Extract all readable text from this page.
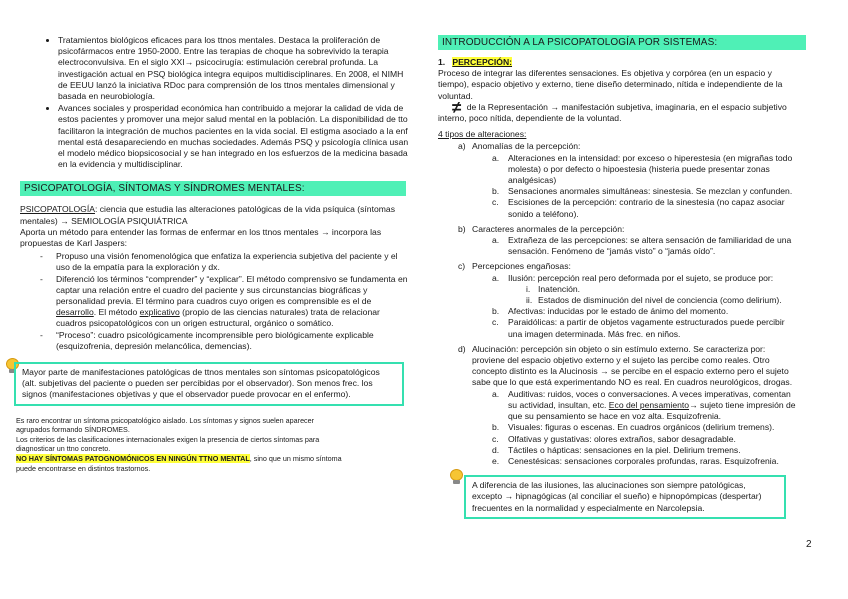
• Tratamientos biológicos eficaces para los ttnos mentales. Destaca la proliferación de psicofármacos entre 1950-2000. Entre las terapias de choque ha sobrevivido la terapia electroconvulsiva. En el siglo XXI→ psicocirugía: estimulación cerebral profunda. La investigación actual en PSQ biológica integra equipos multidisciplinares. En 2008, el NIMH de EEUU lanzó la iniciativa RDoc para comprensión de los ttnos mentales dimensional y basada en neurobiología.
• Avances sociales y prosperidad económica han contribuido a mejorar la calidad de vida de estos pacientes y promover una mejor salud mental en la población. La disponibilidad de tto facilitaron la integración de muchos pacientes en la vida social. El estigma asociado a la enf mental está desapareciendo en muchas sociedades. Además PSQ y psicología clínica usan el modelo médico biopsicosocial y se han integrado en los esfuerzos de la medicina basada en la evidencia y multidisciplinar.
PSICOPATOLOGÍA, SÍNTOMAS Y SÍNDROMES MENTALES:

PSICOPATOLOGÍA: ciencia que estudia las alteraciones patológicas de la vida psíquica (síntomas mentales) → SEMIOLOGÍA PSIQUIÁTRICA

Aporta un método para entender las formas de enfermar en los ttnos mentales → incorpora las propuestas de Karl Jaspers:

- Propuso una visión fenomenológica que enfatiza la experiencia subjetiva del paciente y el uso de la empatía para la exploración y dx.
- Diferenció los términos “comprender” y “explicar”. El método comprensivo se fundamenta en captar una relación entre el cuadro del paciente y sus circunstancias biográficas y personalidad previa. El término para cuadros cuyo origen es comprensible es el de desarrollo. El método explicativo (propio de las ciencias naturales) trata de relacionar cuadros psicopatológicos con un origen estructural, orgánico o somático.
- “Proceso”: cuadro psicológicamente incomprensible pero biológicamente explicable (esquizofrenia, depresión melancólica, demencias).
Mayor parte de manifestaciones patológicas de ttnos mentales son síntomas psicopatológicos (alt. subjetivas del paciente o pueden ser percibidas por el observador). Son menos frec. los signos (manifestaciones objetivas y que el observador puede provocar en el enfermo).

Es raro encontrar un síntoma psicopatológico aislado. Los síntomas y signos suelen aparecer agrupados formando SÍNDROMES.

Los criterios de las clasificaciones internacionales exigen la presencia de ciertos síntomas para diagnosticar un ttno concreto.

NO HAY SÍNTOMAS PATOGNOMÓNICOS EN NINGÚN TTNO MENTAL, sino que un mismo síntoma puede encontrarse en distintos trastornos.

INTRODUCCIÓN A LA PSICOPATOLOGÍA POR SISTEMAS:

1. PERCEPCIÓN:

Proceso de integrar las diferentes sensaciones. Es objetiva y corpórea (en un espacio y tiempo), espacio objetivo y externo, tiene diseño determinado, nítida e independiente de la voluntad.

≠ de la Representación → manifestación subjetiva, imaginaria, en el espacio subjetivo interno, poco nítida, dependiente de la voluntad.

4 tipos de alteraciones:

a) Anomalías de la percepción:
a. Alteraciones en la intensidad: por exceso o hiperestesia (en migrañas todo molesta) o por defecto o hipoestesia (histeria puede presentar zonas analgésicas)
b. Sensaciones anormales simultáneas: sinestesia. Se mezclan y confunden.
c. Escisiones de la percepción: contrario de la sinestesia (no capaz asociar sonido a teléfono).
b) Caracteres anormales de la percepción:
a. Extrañeza de las percepciones: se altera sensación de familiaridad de una sensación. Fenómeno de “jamás visto” o “jamás oído”.
c) Percepciones engañosas:
a. Ilusión: percepción real pero deformada por el sujeto, se produce por:
i. Inatención.
ii. Estados de disminución del nivel de conciencia (como delirium).
b. Afectivas: inducidas por le estado de ánimo del momento.
c. Paraidólicas: a partir de objetos vagamente estructurados puede percibir una imagen determinada. Más frec. en niños.
d) Alucinación: percepción sin objeto o sin estímulo externo. Se caracteriza por: proviene del espacio objetivo externo y el sujeto las percibe como reales. Otro concepto distinto es la Alucinosis → se percibe en el espacio externo pero el sujeto sabe que lo que está experimentando NO es real. En cuadros neurológicos, drogas.
a. Auditivas: ruidos, voces o conversaciones. A veces imperativas, comentan su actividad, insultan, etc. Eco del pensamiento→ sujeto tiene impresión de que su pensamiento se hace en voz alta. Esquizofrenia.
b. Visuales: figuras o escenas. En cuadros orgánicos (delirium tremens).
c. Olfativas y gustativas: olores extraños, sabor desagradable.
d. Táctiles o hápticas: sensaciones en la piel. Delirium tremens.
e. Cenestésicas: sensaciones corporales profundas, raras. Esquizofrenia.
A diferencia de las ilusiones, las alucinaciones son siempre patológicas, excepto → hipnagógicas (al conciliar el sueño) e hipnopómpicas (despertar) frecuentes en la normalidad y especialmente en Narcolepsia.
2
